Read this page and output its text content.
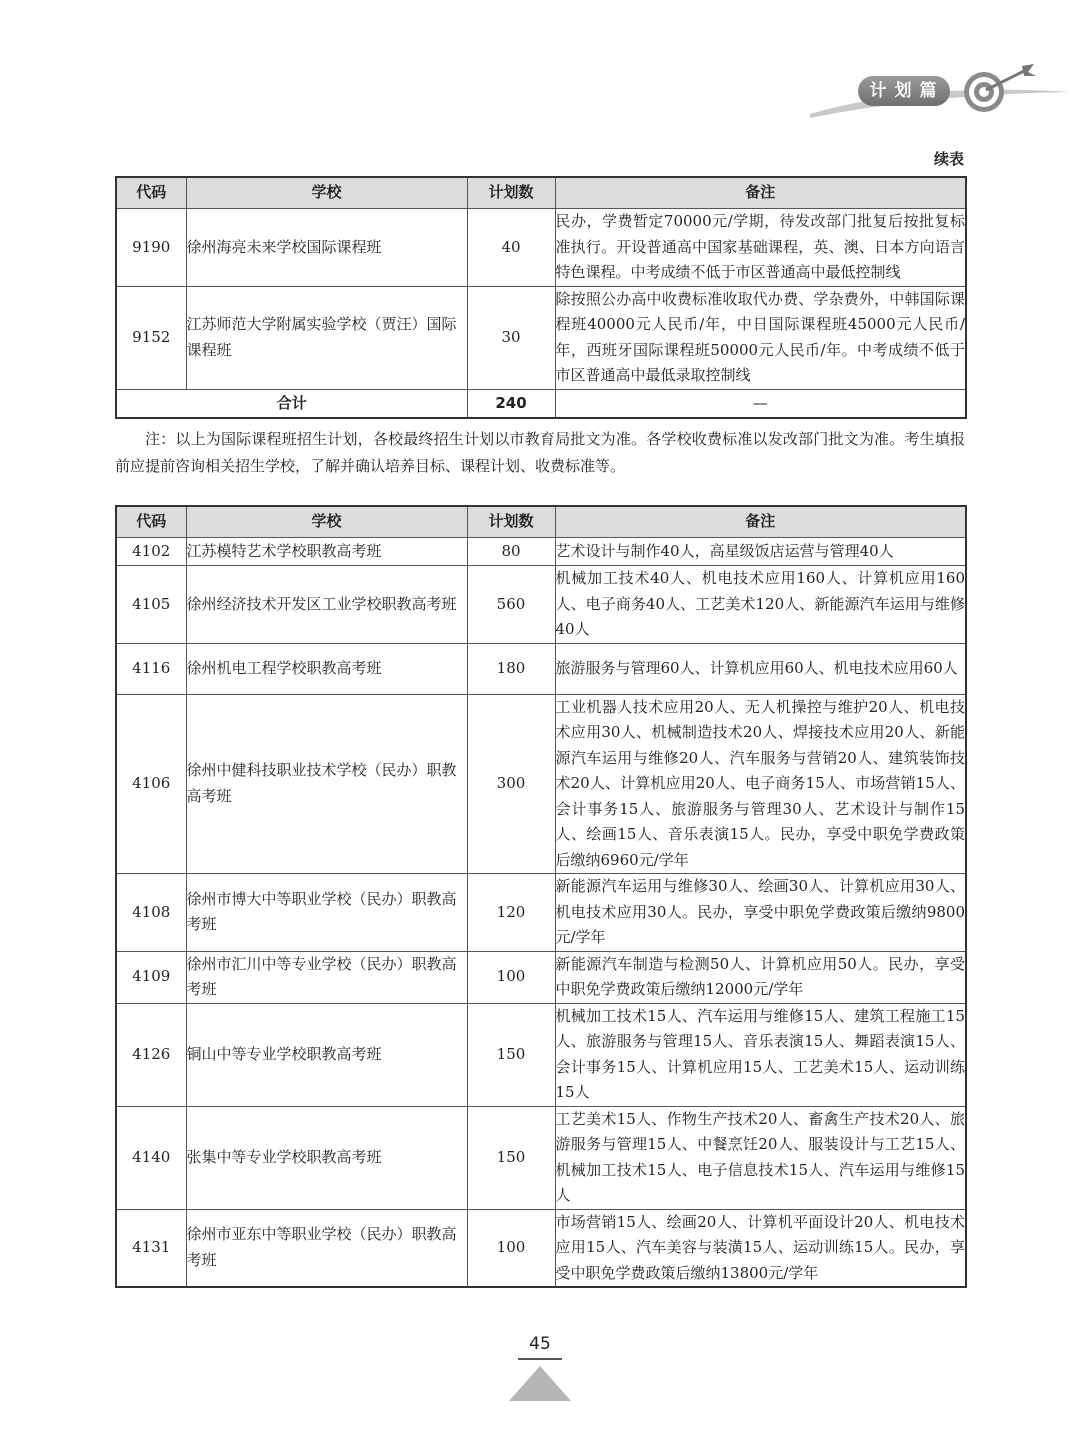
计划篇
续表
代码	学校	计划数	备注
9190	徐州海亮未来学校国际课程班	40	民办，学费暂定70000元/学期，待发改部门批复后按批复标准执行。开设普通高中国家基础课程，英、澳、日本方向语言特色课程。中考成绩不低于市区普通高中最低控制线
9152	江苏师范大学附属实验学校（贾汪）国际课程班	30	除按照公办高中收费标准收取代办费、学杂费外，中韩国际课程班40000元人民币/年，中日国际课程班45000元人民币/年，西班牙国际课程班50000元人民币/年。中考成绩不低于市区普通高中最低录取控制线
合计		240	—

注：以上为国际课程班招生计划，各校最终招生计划以市教育局批文为准。各学校收费标准以发改部门批文为准。考生填报前应提前咨询相关招生学校，了解并确认培养目标、课程计划、收费标准等。

代码	学校	计划数	备注
4102	江苏模特艺术学校职教高考班	80	艺术设计与制作40人，高星级饭店运营与管理40人
4105	徐州经济技术开发区工业学校职教高考班	560	机械加工技术40人、机电技术应用160人、计算机应用160人、电子商务40人、工艺美术120人、新能源汽车运用与维修40人
4116	徐州机电工程学校职教高考班	180	旅游服务与管理60人、计算机应用60人、机电技术应用60人
4106	徐州中健科技职业技术学校（民办）职教高考班	300	工业机器人技术应用20人、无人机操控与维护20人、机电技术应用30人、机械制造技术20人、焊接技术应用20人、新能源汽车运用与维修20人、汽车服务与营销20人、建筑装饰技术20人、计算机应用20人、电子商务15人、市场营销15人、会计事务15人、旅游服务与管理30人、艺术设计与制作15人、绘画15人、音乐表演15人。民办，享受中职免学费政策后缴纳6960元/学年
4108	徐州市博大中等职业学校（民办）职教高考班	120	新能源汽车运用与维修30人、绘画30人、计算机应用30人、机电技术应用30人。民办，享受中职免学费政策后缴纳9800元/学年
4109	徐州市汇川中等专业学校（民办）职教高考班	100	新能源汽车制造与检测50人、计算机应用50人。民办，享受中职免学费政策后缴纳12000元/学年
4126	铜山中等专业学校职教高考班	150	机械加工技术15人、汽车运用与维修15人、建筑工程施工15人、旅游服务与管理15人、音乐表演15人、舞蹈表演15人、会计事务15人、计算机应用15人、工艺美术15人、运动训练15人
4140	张集中等专业学校职教高考班	150	工艺美术15人、作物生产技术20人、畜禽生产技术20人、旅游服务与管理15人、中餐烹饪20人、服装设计与工艺15人、机械加工技术15人、电子信息技术15人、汽车运用与维修15人
4131	徐州市亚东中等职业学校（民办）职教高考班	100	市场营销15人、绘画20人、计算机平面设计20人、机电技术应用15人、汽车美容与装潢15人、运动训练15人。民办，享受中职免学费政策后缴纳13800元/学年
45
